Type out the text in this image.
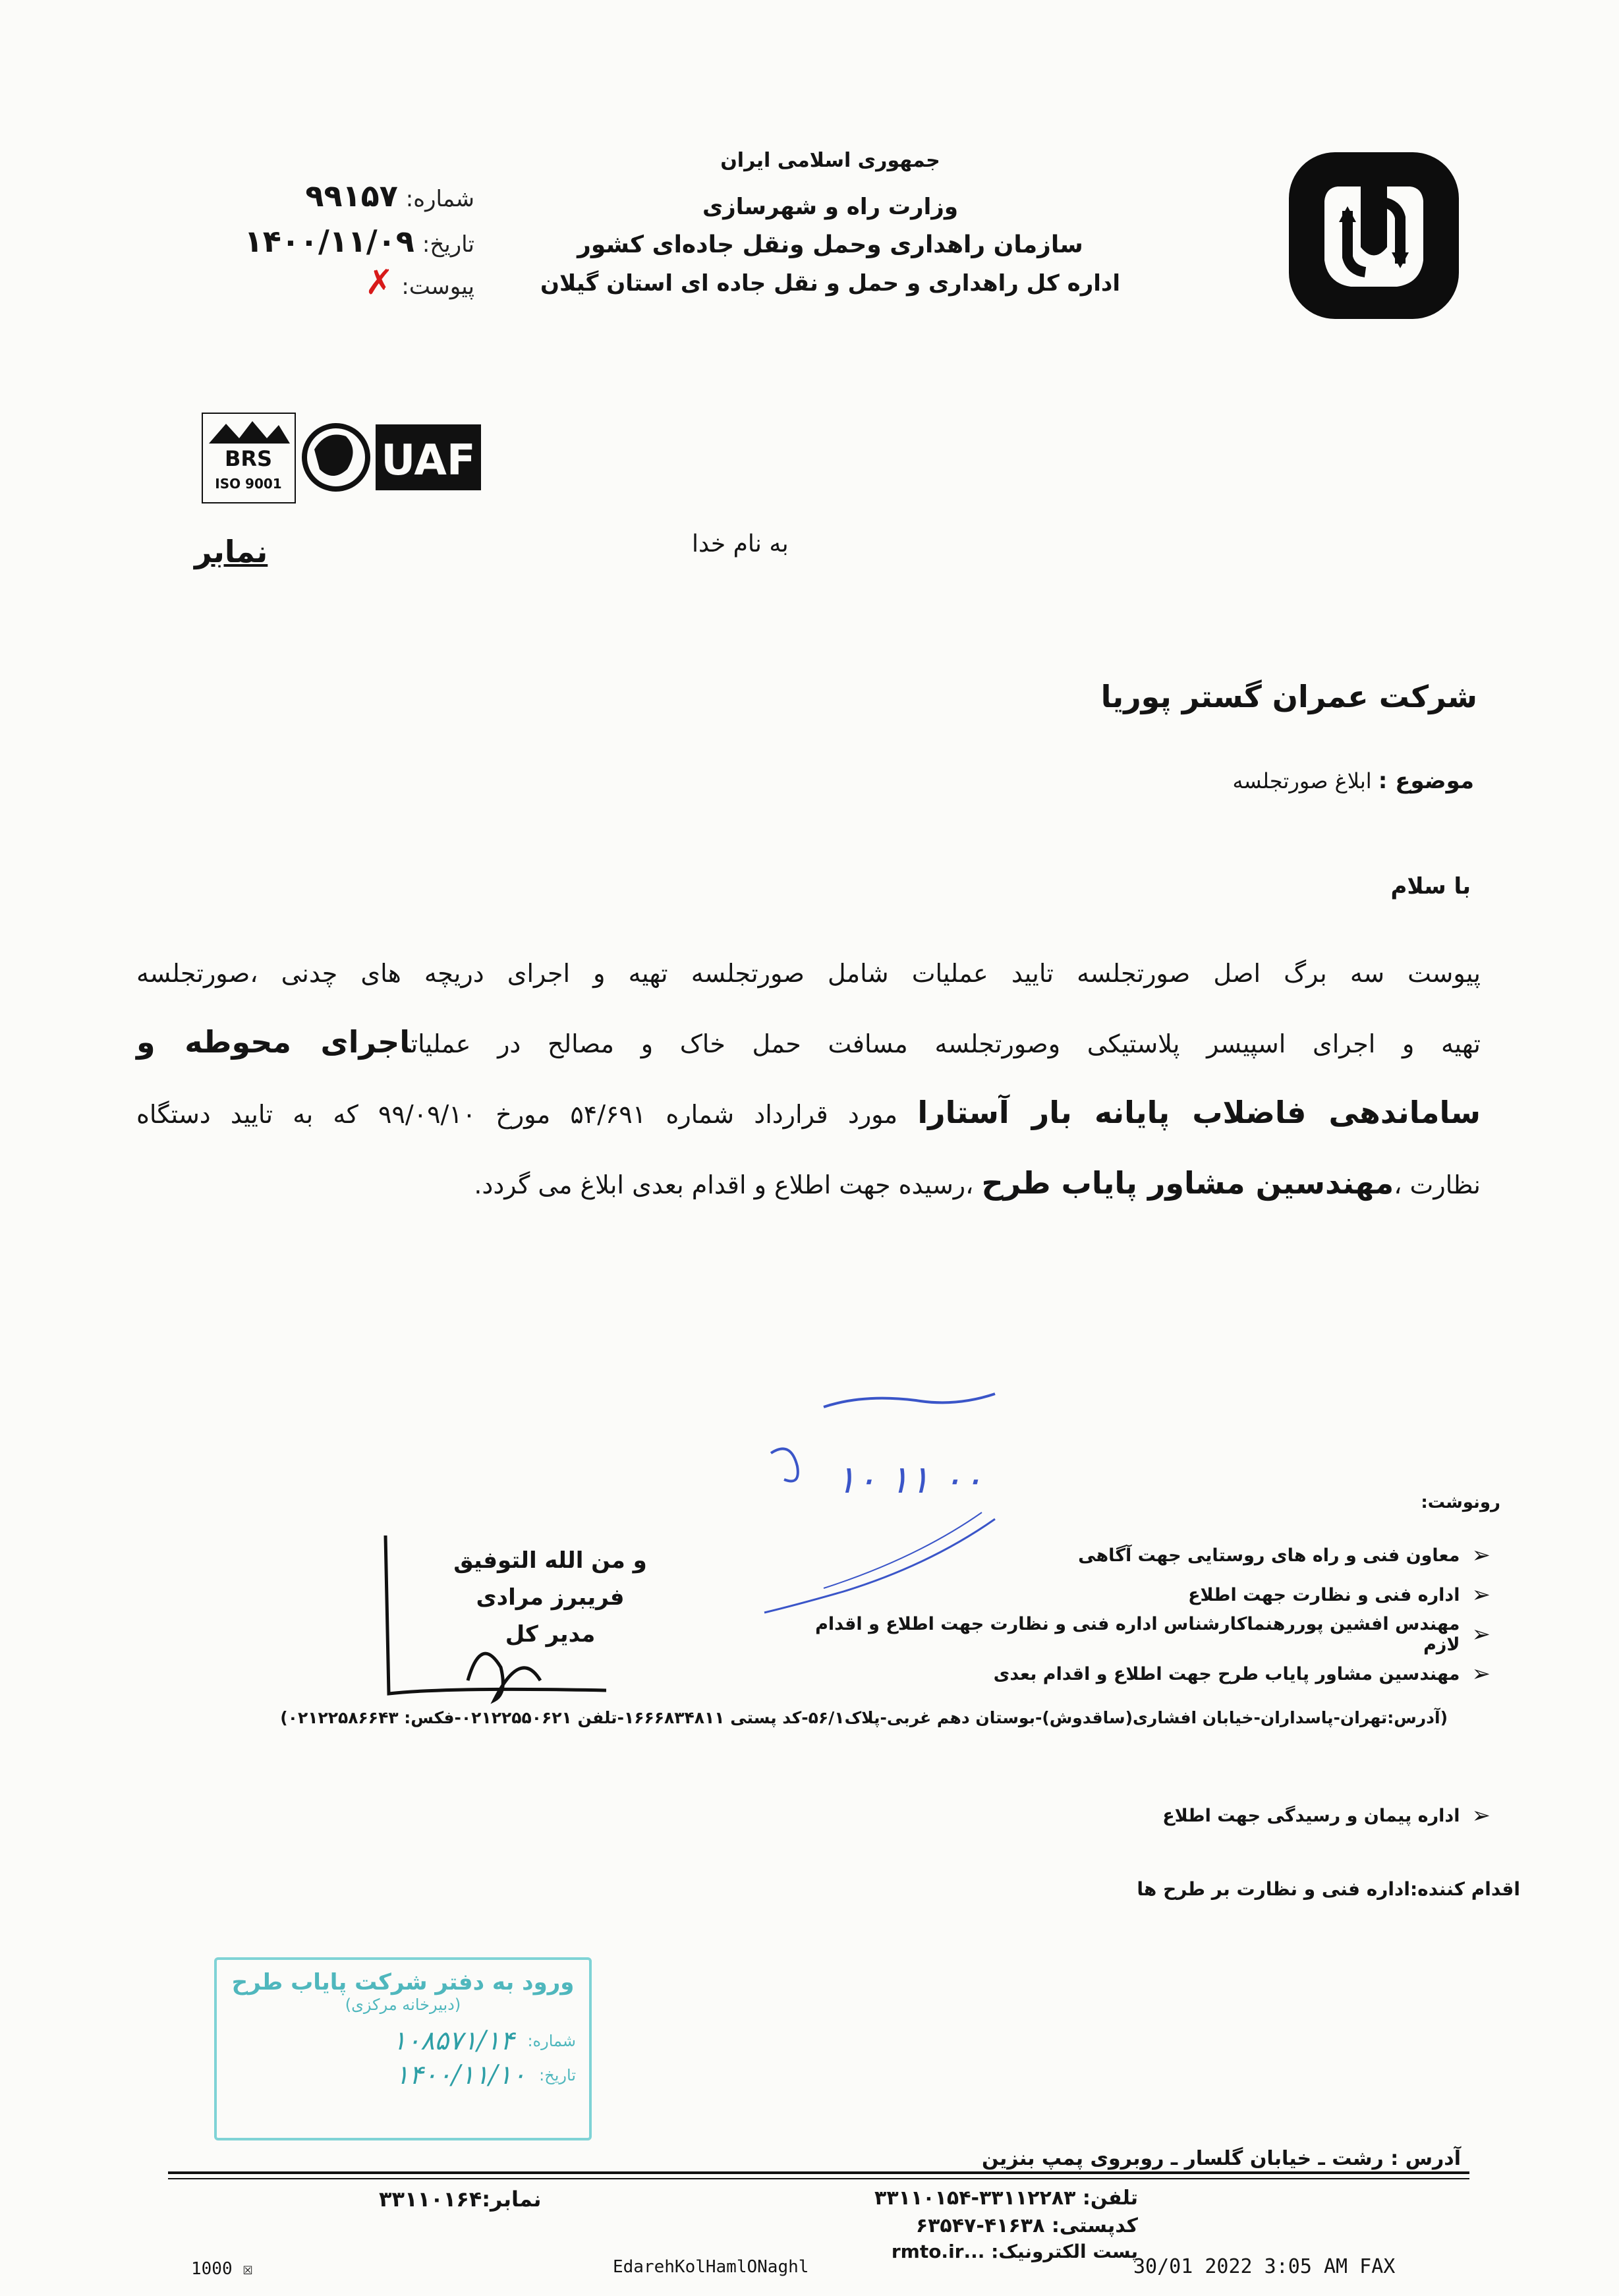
جمهوری اسلامی ایران
وزارت راه و شهرسازی
سازمان راهداری وحمل ونقل جاده‌ای کشور
اداره کل راهداری و حمل و نقل جاده ای استان گیلان
شماره:
۹۹۱۵۷
تاریخ:
۱۴۰۰/۱۱/۰۹
پیوست:
✗
BRS
ISO 9001 UAF
نمابر	به نام خدا
شرکت عمران گستر پوریا
موضوع : ابلاغ صورتجلسه
با سلام
پیوست سه برگ اصل صورتجلسه تایید عملیات شامل صورتجلسه تهیه و اجرای دریچه های چدنی ،صورتجلسه
تهیه و اجرای اسپیسر پلاستیکی وصورتجلسه مسافت حمل خاک و مصالح در عملیاتاجرای محوطه و
ساماندهی فاضلاب پایانه بار آستارا مورد قرارداد شماره ۵۴/۶۹۱ مورخ ۹۹/۰۹/۱۰ که به تایید دستگاه
نظارت ،مهندسین مشاور پایاب طرح ،رسیده جهت اطلاع و اقدام بعدی ابلاغ می گردد.
۱۰ ۱۱ ۰۰
رونوشت:
➢
معاون فنی و راه های روستایی جهت آگاهی
➢
اداره فنی و نظارت جهت اطلاع
➢
مهندس افشین پوررهنماکارشناس اداره فنی و نظارت جهت اطلاع و اقدام لازم
➢
مهندسین مشاور پایاب طرح جهت اطلاع و اقدام بعدی
(آدرس:تهران-پاسداران-خیابان افشاری(ساقدوش)-بوستان دهم غربی-پلاک۵۶/۱-کد پستی ۱۶۶۶۸۳۴۸۱۱-تلفن ۰۲۱۲۲۵۵۰۶۲۱-فکس: ۰۲۱۲۲۵۸۶۶۴۳)
➢
اداره پیمان و رسیدگی جهت اطلاع
اقدام کننده:اداره فنی و نظارت بر طرح ها
و من الله التوفیق
فریبرز مرادی
مدیر کل
ورود به دفتر شرکت پایاب طرح
(دبیرخانه مرکزی)
شماره:
۱۰۸۵۷۱/۱۴
تاریخ:
۱۴۰۰/۱۱/۱۰
آدرس : رشت ـ خیابان گلسار ـ روبروی پمپ بنزین
تلفن: ۳۳۱۱۲۲۸۳-۳۳۱۱۰۱۵۴
نمابر:۳۳۱۱۰۱۶۴
کدپستی: ۴۱۶۳۸-۶۳۵۴۷
پست الکترونیک: ...rmto.ir
1000 ☒	EdarehKolHamlONaghl	30/01 2022 3:05 AM FAX
